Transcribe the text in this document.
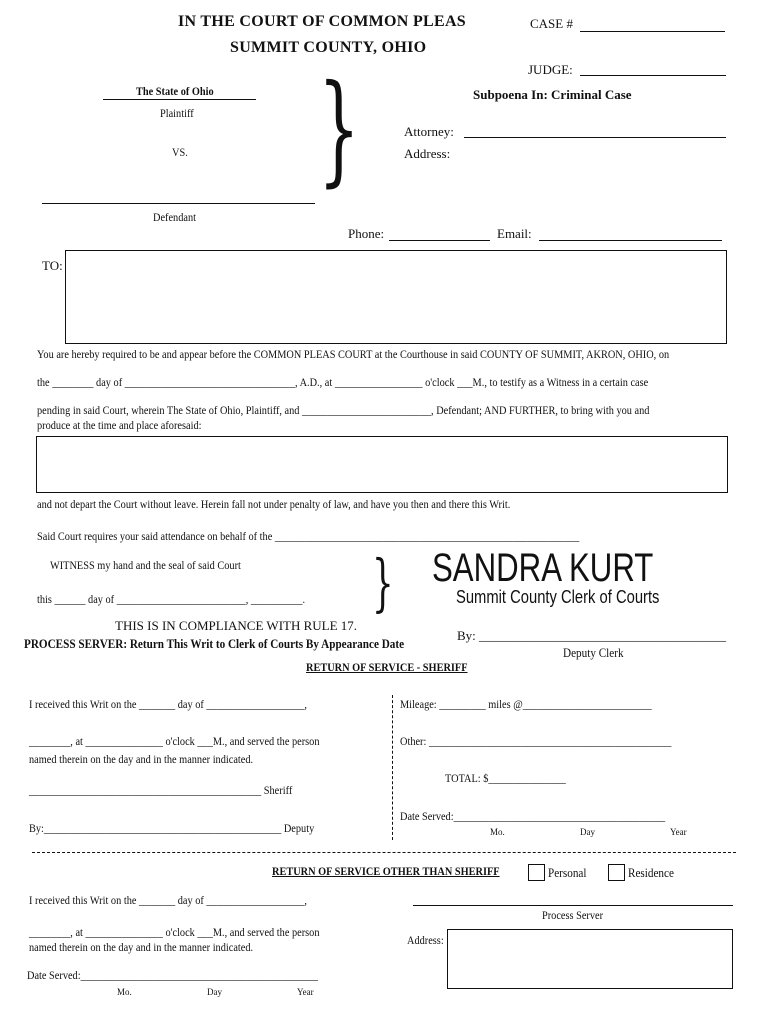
IN THE COURT OF COMMON PLEAS
SUMMIT COUNTY, OHIO
CASE #
JUDGE:
Subpoena In: Criminal Case
The State of Ohio
Plaintiff
VS.
Defendant
}	Attorney:
Address:
Phone:	Email:
TO:
You are hereby required to be and appear before the COMMON PLEAS COURT at the Courthouse in said COUNTY OF SUMMIT, AKRON, OHIO, on
the ________ day of _________________________________, A.D., at _________________ o'clock ___M., to testify as a Witness in a certain case
pending in said Court, wherein The State of Ohio, Plaintiff, and _________________________, Defendant; AND FURTHER, to bring with you and
produce at the time and place aforesaid:
and not depart the Court without leave. Herein fall not under penalty of law, and have you then and there this Writ.
Said Court requires your said attendance on behalf of the ___________________________________________________________
WITNESS my hand and the seal of said Court
this ______ day of _________________________, __________. } SANDRA KURT
Summit County Clerk of Courts
THIS IS IN COMPLIANCE WITH RULE 17.
PROCESS SERVER: Return This Writ to Clerk of Courts By Appearance Date
By: ______________________________________
Deputy Clerk
RETURN OF SERVICE - SHERIFF
I received this Writ on the _______ day of ___________________,
________, at _______________ o'clock ___M., and served the person
named therein on the day and in the manner indicated.
_____________________________________________ Sheriff
By:______________________________________________ Deputy
Mileage: _________ miles @_________________________
Other: _______________________________________________
TOTAL: $_______________
Date Served:_________________________________________
Mo.	Day	Year
RETURN OF SERVICE OTHER THAN SHERIFF	Personal	Residence
I received this Writ on the _______ day of ___________________,
Process Server
________, at _______________ o'clock ___M., and served the person
named therein on the day and in the manner indicated.	Address:
Date Served:______________________________________________
Mo.	Day	Year
